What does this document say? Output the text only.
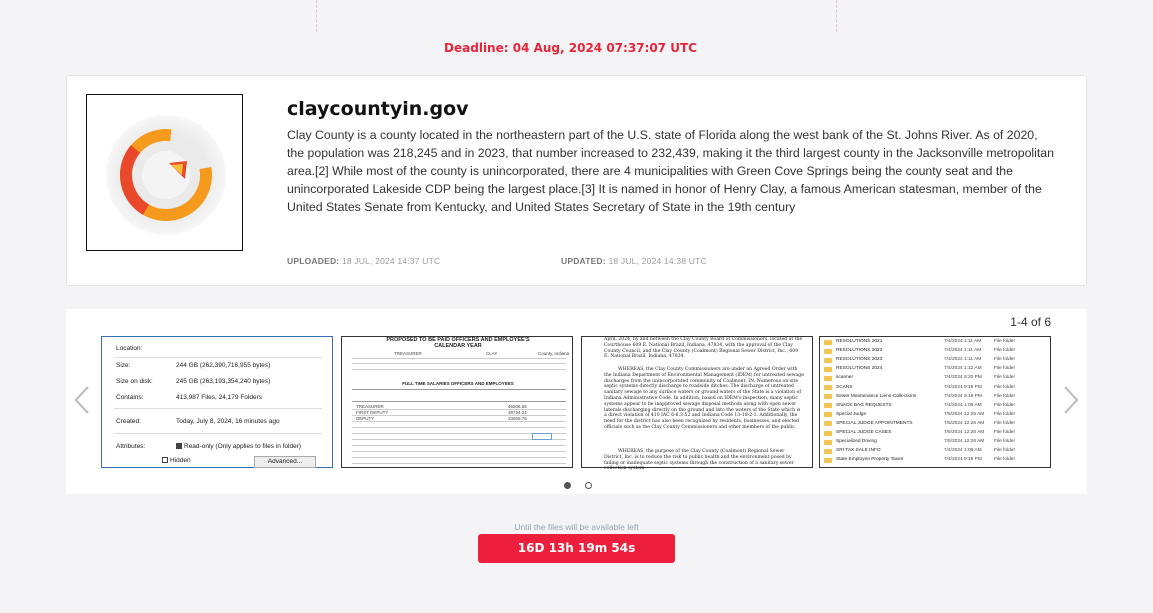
Deadline: 04 Aug, 2024 07:37:07 UTC
claycountyin.gov
Clay County is a county located in the northeastern part of the U.S. state of Florida along the west bank of the St. Johns River. As of 2020, the population was 218,245 and in 2023, that number increased to 232,439, making it the third largest county in the Jacksonville metropolitan area.[2] While most of the county is unincorporated, there are 4 municipalities with Green Cove Springs being the county seat and the unincorporated Lakeside CDP being the largest place.[3] It is named in honor of Henry Clay, a famous American statesman, member of the United States Senate from Kentucky, and United States Secretary of State in the 19th century
UPLOADED: 18 JUL, 2024 14:37 UTC	UPDATED: 18 JUL, 2024 14:38 UTC
1-4 of 6
Location:
Size:	244 GB (262,390,716,955 bytes)
Size on disk:	245 GB (263,193,354,240 bytes)
Contains:	413,987 Files, 24,179 Folders
Created:	Today, July 8, 2024, 16 minutes ago
Attributes:	Read-only (Only applies to files in folder)
Hidden	Advanced...
PROPOSED TO BE PAID OFFICERS AND EMPLOYEE'S
CALENDAR YEAR
TREASURER	CLAY	County, Indiana
FULL TIME SALARIES OFFICERS AND EMPLOYEES
TREASURER	46506.56
FIRST DEPUTY	38734.24
DEPUTY	33655.76
April, 2024, by and between the Clay County Board of Commissioners, located at the Courthouse 609 E. National Brazil, Indiana, 47834, with the approval of the Clay County Council, and the Clay County (Coalmont) Regional Sewer District, Inc., 609 E. National Brazil, Indiana, 47834.
WHEREAS, the Clay County Commissioners are under an Agreed Order with the Indiana Department of Environmental Management (IDEM) for untreated sewage discharges from the unincorporated community of Coalmont, IN. Numerous on-site septic systems directly discharge to roadside ditches. The discharge of untreated sanitary sewage to any surface waters or ground waters of the State is a violation of Indiana Administrative Code. In addition, based on IDEM's inspection, many septic systems appear to be inapproved sewage disposal methods along with open sewer laterals discharging directly on the ground and into the waters of the State which is a direct violation of 410 IAC 6-8.3-52 and Indiana Code 13-18-2-1. Additionally, the need for the district has also been recognized by residents, businesses, and elected officials such as the Clay County Commissioners and other members of the public.
WHEREAS, the purpose of the Clay County (Coalmont) Regional Sewer District, Inc. is to reduce the risk to public health and the environment posed by failing or inadequate septic systems through the construction of a sanitary sewer collection system
RESOLUTIONS 2021	7/4/2024 1:11 AM	File folder
RESOLUTIONS 2022	7/4/2024 1:11 AM	File folder
RESOLUTIONS 2023	7/4/2024 1:11 AM	File folder
RESOLUTIONS 2024	7/4/2024 1:12 AM	File folder
scanner	7/4/2024 9:20 PM	File folder
SCANS	7/4/2024 9:19 PM	File folder
Sewer Maintenance Liens-Collections	7/4/2024 9:19 PM	File folder
SNACK BAG REQUESTS	7/4/2024 1:06 AM	File folder
Special Judge	7/5/2024 12:25 AM File folder
SPECIAL JUDGE APPOINTMENTS	7/5/2024 12:26 AM File folder
SPECIAL JUDGE CASES	7/5/2024 12:26 AM File folder
Specialized Driving	7/5/2024 12:26 AM File folder
SRI TAX SALE INFO	7/4/2024 1:09 AM	File folder
State Employee Property Taxes	7/4/2024 9:19 PM	File folder

Until the files will be available left
16D 13h 19m 54s
